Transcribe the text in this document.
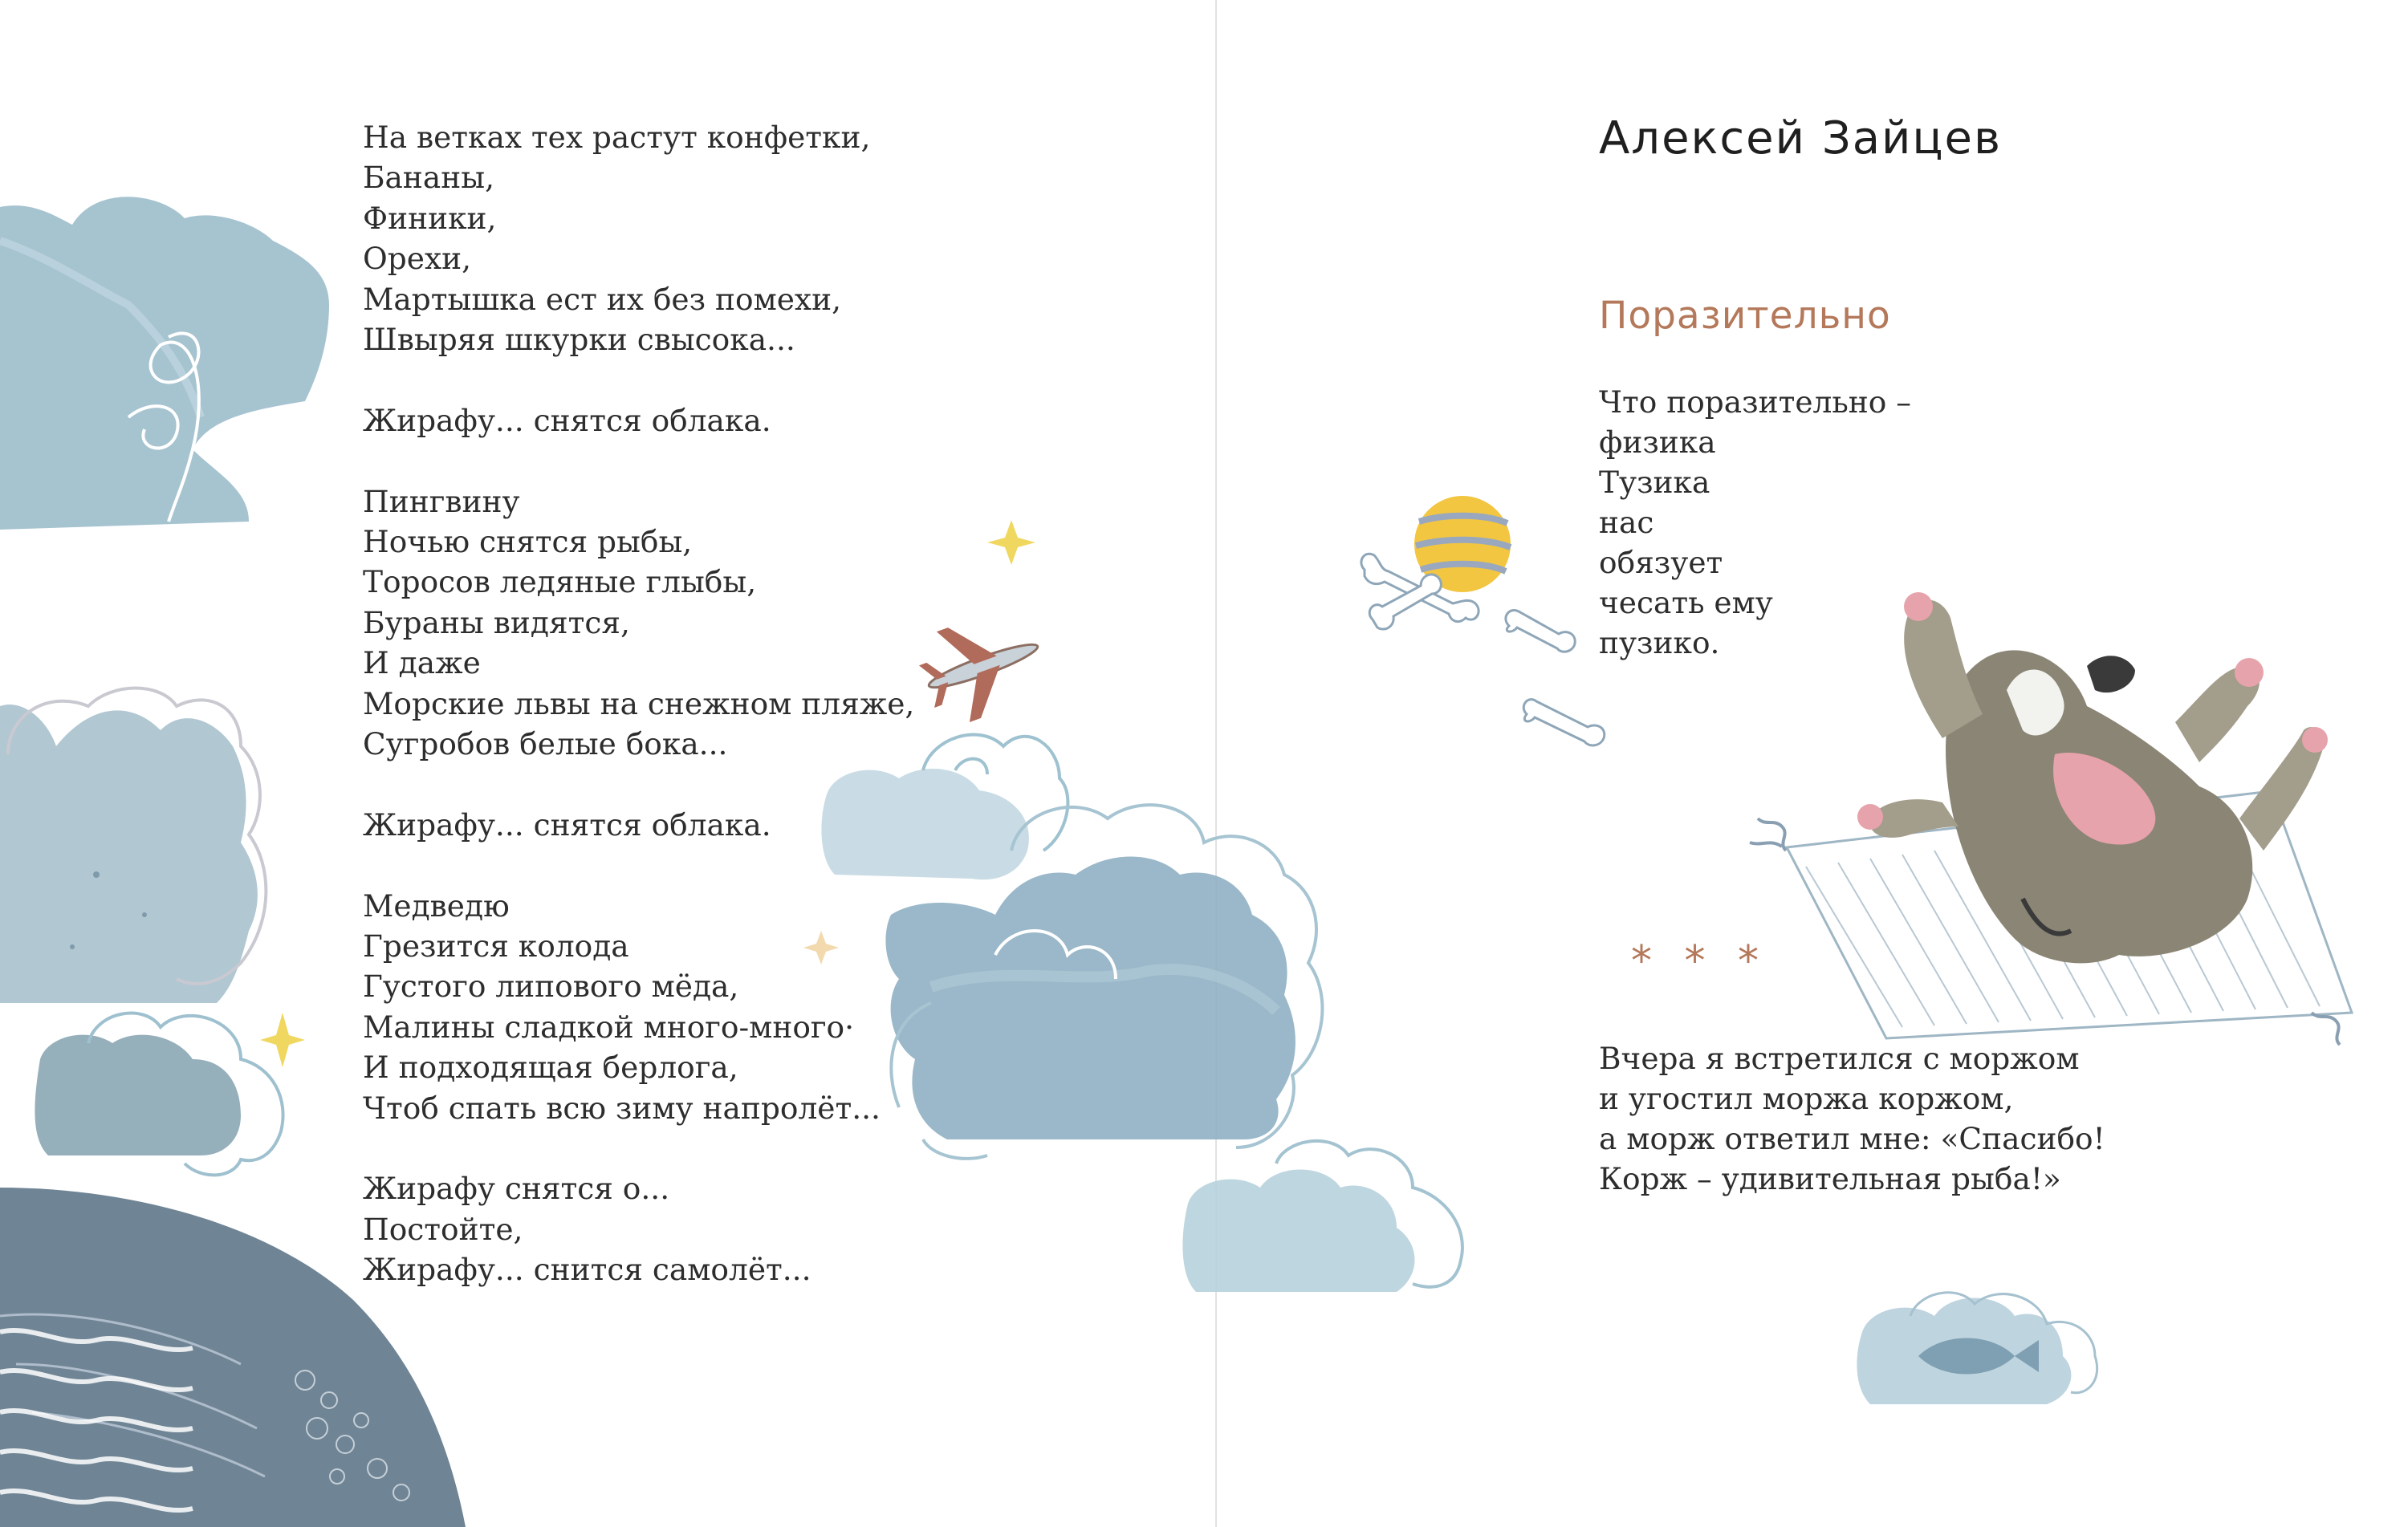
На ветках тех растут конфетки,
Бананы,
Финики,
Орехи,
Мартышка ест их без помехи,
Швыряя шкурки свысока...
Жирафу... снятся облака.
Пингвину
Ночью снятся рыбы,
Торосов ледяные глыбы,
Бураны видятся,
И даже
Морские львы на снежном пляже,
Сугробов белые бока...
Жирафу... снятся облака.
Медведю
Грезится колода
Густого липового мёда,
Малины сладкой много-много·
И подходящая берлога,
Чтоб спать всю зиму напролёт...
Жирафу снятся о...
Постойте,
Жирафу... снится самолёт...
Алексей Зайцев
Поразительно
Что поразительно –
физика
Тузика
нас
обязует
чесать ему
пузико.
* * *
Вчера я встретился с моржом
и угостил моржа коржом,
а морж ответил мне: «Спасибо!
Корж – удивительная рыба!»
